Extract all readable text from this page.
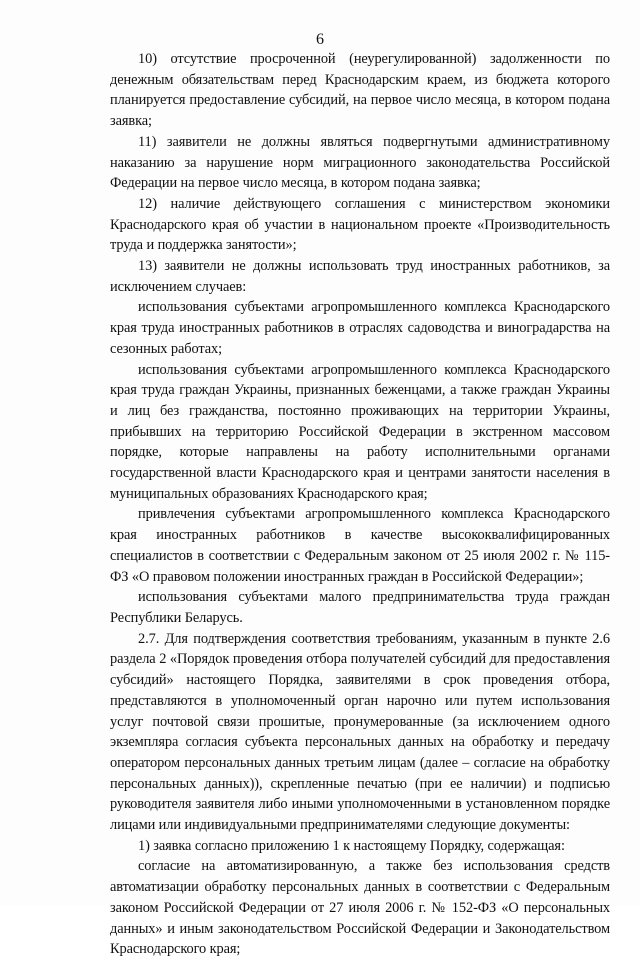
6

10) отсутствие просроченной (неурегулированной) задолженности по денежным обязательствам перед Краснодарским краем, из бюджета которого планируется предоставление субсидий, на первое число месяца, в котором подана заявка;

11) заявители не должны являться подвергнутыми административному наказанию за нарушение норм миграционного законодательства Российской Федерации на первое число месяца, в котором подана заявка;

12) наличие действующего соглашения с министерством экономики Краснодарского края об участии в национальном проекте «Производительность труда и поддержка занятости»;

13) заявители не должны использовать труд иностранных работников, за исключением случаев:

использования субъектами агропромышленного комплекса Краснодарского края труда иностранных работников в отраслях садоводства и виноградарства на сезонных работах;

использования субъектами агропромышленного комплекса Краснодарского края труда граждан Украины, признанных беженцами, а также граждан Украины и лиц без гражданства, постоянно проживающих на территории Украины, прибывших на территорию Российской Федерации в экстренном массовом порядке, которые направлены на работу исполнительными органами государственной власти Краснодарского края и центрами занятости населения в муниципальных образованиях Краснодарского края;

привлечения субъектами агропромышленного комплекса Краснодарского края иностранных работников в качестве высококвалифицированных специалистов в соответствии с Федеральным законом от 25 июля 2002 г. № 115-ФЗ «О правовом положении иностранных граждан в Российской Федерации»;

использования субъектами малого предпринимательства труда граждан Республики Беларусь.

2.7. Для подтверждения соответствия требованиям, указанным в пункте 2.6 раздела 2 «Порядок проведения отбора получателей субсидий для предоставления субсидий» настоящего Порядка, заявителями в срок проведения отбора, представляются в уполномоченный орган нарочно или путем использования услуг почтовой связи прошитые, пронумерованные (за исключением одного экземпляра согласия субъекта персональных данных на обработку и передачу оператором персональных данных третьим лицам (далее – согласие на обработку персональных данных)), скрепленные печатью (при ее наличии) и подписью руководителя заявителя либо иными уполномоченными в установленном порядке лицами или индивидуальными предпринимателями следующие документы:

1) заявка согласно приложению 1 к настоящему Порядку, содержащая:

согласие на автоматизированную, а также без использования средств автоматизации обработку персональных данных в соответствии с Федеральным законом Российской Федерации от 27 июля 2006 г. № 152-ФЗ «О персональных данных» и иным законодательством Российской Федерации и Законодательством Краснодарского края;
